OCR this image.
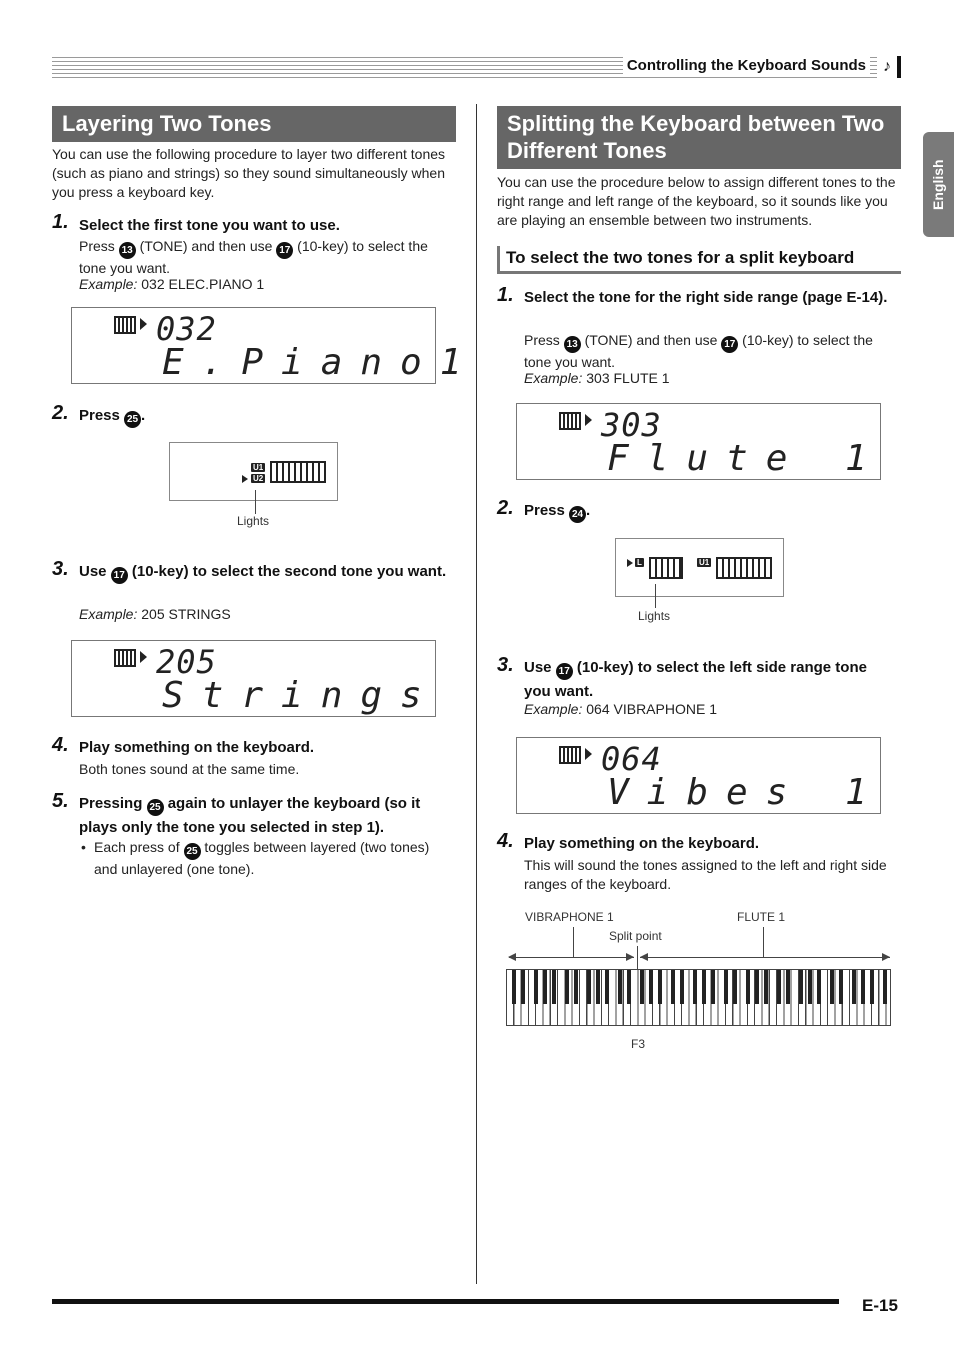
Controlling the Keyboard Sounds	♪
English
Layering Two Tones
You can use the following procedure to layer two different tones (such as piano and strings) so they sound simultaneously when you press a keyboard key.
1. Select the first tone you want to use.
Press 13 (TONE) and then use 17 (10-key) to select the tone you want.
Example: 032 ELEC.PIANO 1
032
E.Piano1
2. Press 25 .
U1
U2
Lights
3. Use 17 (10-key) to select the second tone you want.
Example: 205 STRINGS
205
Strings
4. Play something on the keyboard.
Both tones sound at the same time.
5. Pressing 25 again to unlayer the keyboard (so it plays only the tone you selected in step 1).
• Each press of 25 toggles between layered (two tones) and unlayered (one tone).
Splitting the Keyboard between Two Different Tones
You can use the procedure below to assign different tones to the right range and left range of the keyboard, so it sounds like you are playing an ensemble between two instruments.
To select the two tones for a split keyboard
1. Select the tone for the right side range (page E-14).
Press 13 (TONE) and then use 17 (10-key) to select the tone you want.
Example: 303 FLUTE 1
303
Flute 1
2. Press 24 .
L	U1
Lights
3. Use 17 (10-key) to select the left side range tone you want.
Example: 064 VIBRAPHONE 1
064
Vibes 1
4. Play something on the keyboard.
This will sound the tones assigned to the left and right side ranges of the keyboard.
VIBRAPHONE 1	FLUTE 1
Split point
F3
E-15
